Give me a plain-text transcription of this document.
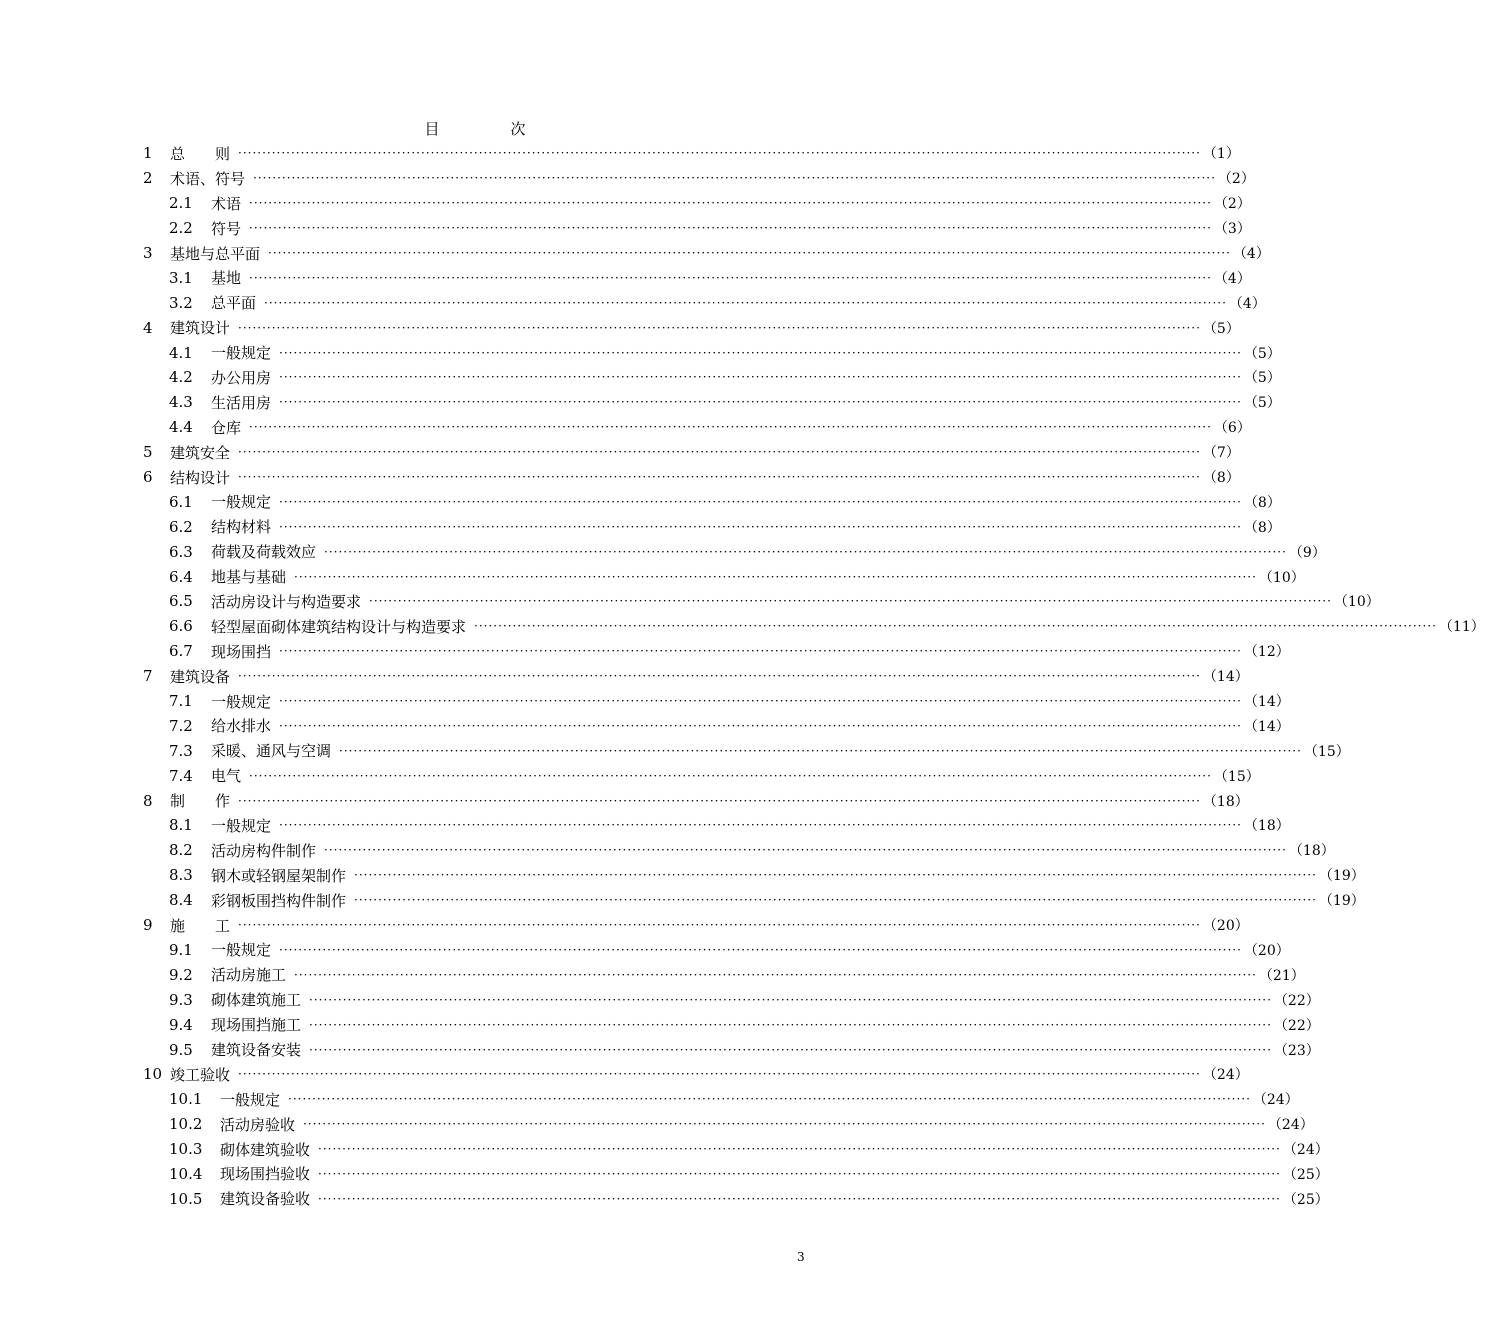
目　次
1	总　　则 ········································································································································································································ （1）
2	术语、符号 ········································································································································································································ （2）
2.1	术语 ········································································································································································································ （2）
2.2	符号 ········································································································································································································ （3）
3	基地与总平面 ········································································································································································································ （4）
3.1	基地 ········································································································································································································ （4）
3.2	总平面 ········································································································································································································ （4）
4	建筑设计 ········································································································································································································ （5）
4.1	一般规定 ········································································································································································································ （5）
4.2	办公用房 ········································································································································································································ （5）
4.3	生活用房 ········································································································································································································ （5）
4.4	仓库 ········································································································································································································ （6）
5	建筑安全 ········································································································································································································ （7）
6	结构设计 ········································································································································································································ （8）
6.1	一般规定 ········································································································································································································ （8）
6.2	结构材料 ········································································································································································································ （8）
6.3	荷载及荷载效应 ········································································································································································································ （9）
6.4	地基与基础 ········································································································································································································ （10）
6.5	活动房设计与构造要求 ········································································································································································································ （10）
6.6	轻型屋面砌体建筑结构设计与构造要求 ········································································································································································································ （11）
6.7	现场围挡 ········································································································································································································ （12）
7	建筑设备 ········································································································································································································ （14）
7.1	一般规定 ········································································································································································································ （14）
7.2	给水排水 ········································································································································································································ （14）
7.3	采暖、通风与空调 ········································································································································································································ （15）
7.4	电气 ········································································································································································································ （15）
8	制　　作 ········································································································································································································ （18）
8.1	一般规定 ········································································································································································································ （18）
8.2	活动房构件制作 ········································································································································································································ （18）
8.3	钢木或轻钢屋架制作 ········································································································································································································ （19）
8.4	彩钢板围挡构件制作 ········································································································································································································ （19）
9	施　　工 ········································································································································································································ （20）
9.1	一般规定 ········································································································································································································ （20）
9.2	活动房施工 ········································································································································································································ （21）
9.3	砌体建筑施工 ········································································································································································································ （22）
9.4	现场围挡施工 ········································································································································································································ （22）
9.5	建筑设备安装 ········································································································································································································ （23）
10 竣工验收 ········································································································································································································ （24）
10.1	一般规定 ········································································································································································································ （24）
10.2	活动房验收 ········································································································································································································ （24）
10.3	砌体建筑验收 ········································································································································································································ （24）
10.4	现场围挡验收 ········································································································································································································ （25）
10.5	建筑设备验收 ········································································································································································································ （25）
3
